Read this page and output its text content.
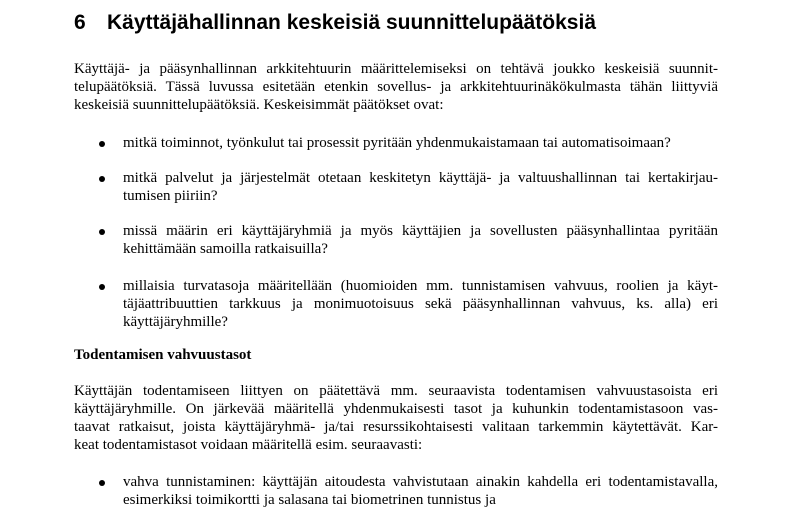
6 Käyttäjähallinnan keskeisiä suunnittelupäätöksiä
Käyttäjä- ja pääsynhallinnan arkkitehtuurin määrittelemiseksi on tehtävä joukko keskeisiä suunnit-
telupäätöksiä. Tässä luvussa esitetään etenkin sovellus- ja arkkitehtuurinäkökulmasta tähän liittyviä
keskeisiä suunnittelupäätöksiä. Keskeisimmät päätökset ovat:
mitkä toiminnot, työnkulut tai prosessit pyritään yhdenmukaistamaan tai automatisoimaan?
mitkä palvelut ja järjestelmät otetaan keskitetyn käyttäjä- ja valtuushallinnan tai kertakirjau-
tumisen piiriin?
missä määrin eri käyttäjäryhmiä ja myös käyttäjien ja sovellusten pääsynhallintaa pyritään
kehittämään samoilla ratkaisuilla?
millaisia turvatasoja määritellään (huomioiden mm. tunnistamisen vahvuus, roolien ja käyt-
täjäattribuuttien tarkkuus ja monimuotoisuus sekä pääsynhallinnan vahvuus, ks. alla) eri
käyttäjäryhmille?
Todentamisen vahvuustasot
Käyttäjän todentamiseen liittyen on päätettävä mm. seuraavista todentamisen vahvuustasoista eri
käyttäjäryhmille. On järkevää määritellä yhdenmukaisesti tasot ja kuhunkin todentamistasoon vas-
taavat ratkaisut, joista käyttäjäryhmä- ja/tai resurssikohtaisesti valitaan tarkemmin käytettävät. Kar-
keat todentamistasot voidaan määritellä esim. seuraavasti:
vahva tunnistaminen: käyttäjän aitoudesta vahvistutaan ainakin kahdella eri todentamistavalla,
esimerkiksi toimikortti ja salasana tai biometrinen tunnistus ja
